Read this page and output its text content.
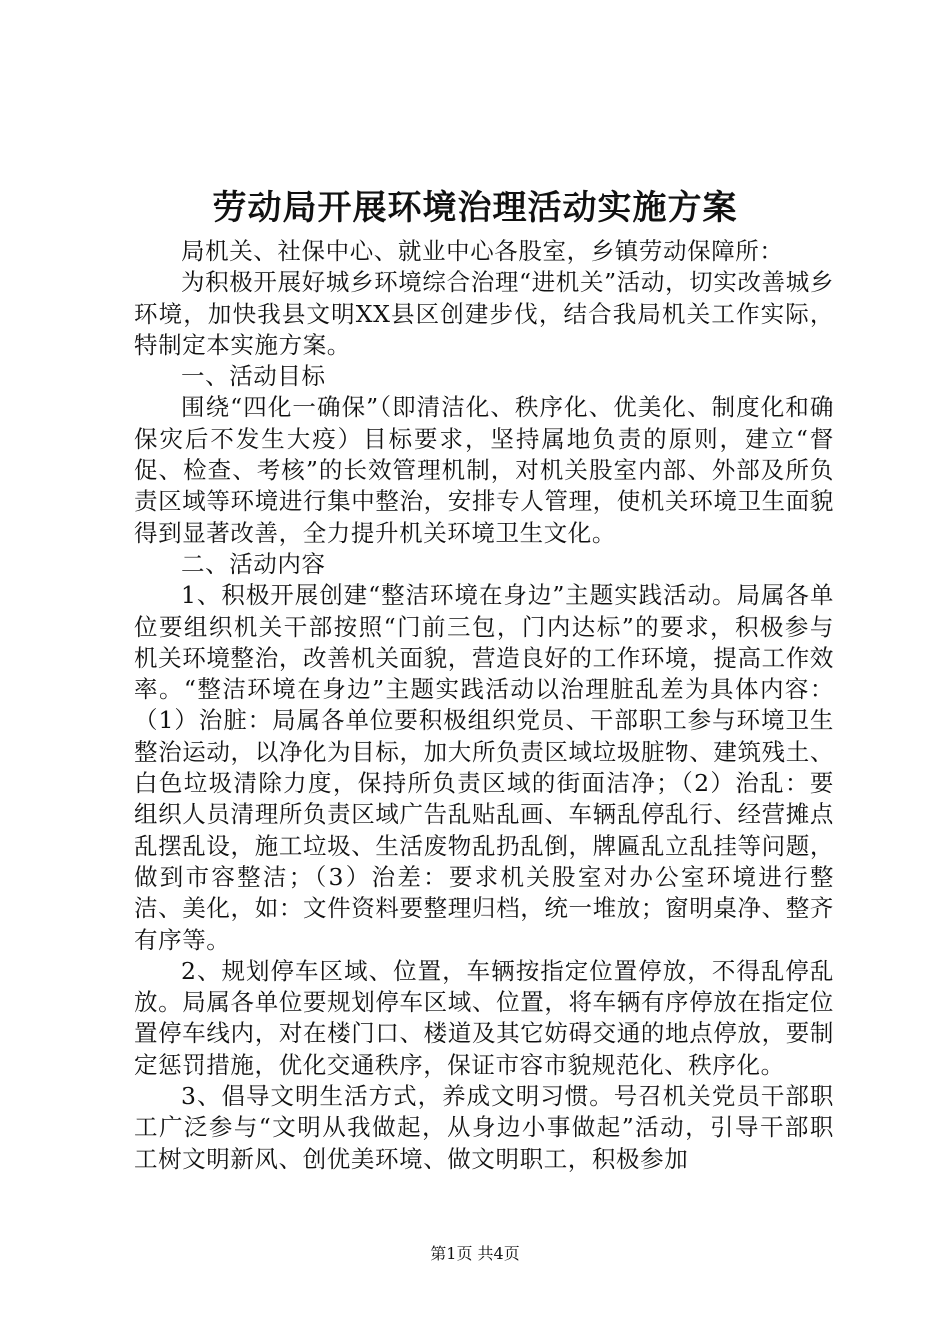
劳动局开展环境治理活动实施方案

局机关、社保中心、就业中心各股室，乡镇劳动保障所：

为积极开展好城乡环境综合治理“进机关”活动，切实改善城乡环境，加快我县文明XX县区创建步伐，结合我局机关工作实际，特制定本实施方案。

一、活动目标

围绕“四化一确保”（即清洁化、秩序化、优美化、制度化和确保灾后不发生大疫）目标要求，坚持属地负责的原则，建立“督促、检查、考核”的长效管理机制，对机关股室内部、外部及所负责区域等环境进行集中整治，安排专人管理，使机关环境卫生面貌得到显著改善，全力提升机关环境卫生文化。

二、活动内容

1、积极开展创建“整洁环境在身边”主题实践活动。局属各单位要组织机关干部按照“门前三包，门内达标”的要求，积极参与机关环境整治，改善机关面貌，营造良好的工作环境，提高工作效率。“整洁环境在身边”主题实践活动以治理脏乱差为具体内容：（1）治脏：局属各单位要积极组织党员、干部职工参与环境卫生整治运动，以净化为目标，加大所负责区域垃圾脏物、建筑残土、白色垃圾清除力度，保持所负责区域的街面洁净；（2）治乱：要组织人员清理所负责区域广告乱贴乱画、车辆乱停乱行、经营摊点乱摆乱设，施工垃圾、生活废物乱扔乱倒，牌匾乱立乱挂等问题，做到市容整洁；（3）治差：要求机关股室对办公室环境进行整洁、美化，如：文件资料要整理归档，统一堆放；窗明桌净、整齐有序等。

2、规划停车区域、位置，车辆按指定位置停放，不得乱停乱放。局属各单位要规划停车区域、位置，将车辆有序停放在指定位置停车线内，对在楼门口、楼道及其它妨碍交通的地点停放，要制定惩罚措施，优化交通秩序，保证市容市貌规范化、秩序化。

3、倡导文明生活方式，养成文明习惯。号召机关党员干部职工广泛参与“文明从我做起，从身边小事做起”活动，引导干部职工树文明新风、创优美环境、做文明职工，积极参加

第1页 共4页
